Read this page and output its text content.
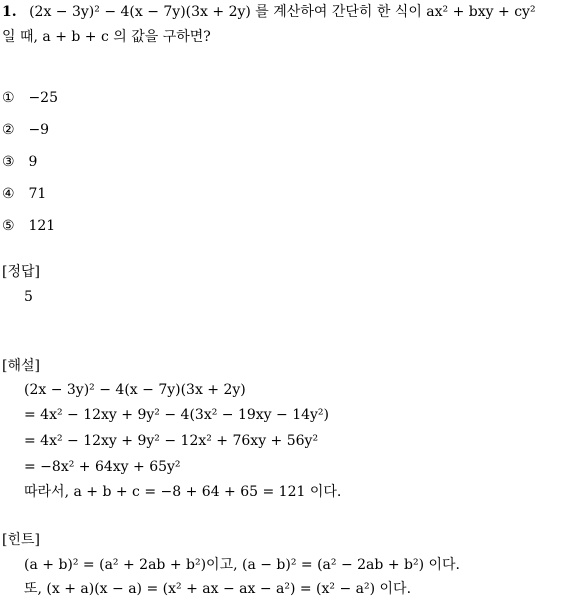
1. (2x − 3y)² − 4(x − 7y)(3x + 2y) 를 계산하여 간단히 한 식이 ax² + bxy + cy²
일 때, a + b + c 의 값을 구하면?
① −25
② −9
③ 9
④ 71
⑤ 121
[정답]
5
[해설]
(2x − 3y)² − 4(x − 7y)(3x + 2y)
= 4x² − 12xy + 9y² − 4(3x² − 19xy − 14y²)
= 4x² − 12xy + 9y² − 12x² + 76xy + 56y²
= −8x² + 64xy + 65y²
따라서, a + b + c = −8 + 64 + 65 = 121 이다.
[힌트]
(a + b)² = (a² + 2ab + b²)이고, (a − b)² = (a² − 2ab + b²) 이다.
또, (x + a)(x − a) = (x² + ax − ax − a²) = (x² − a²) 이다.
